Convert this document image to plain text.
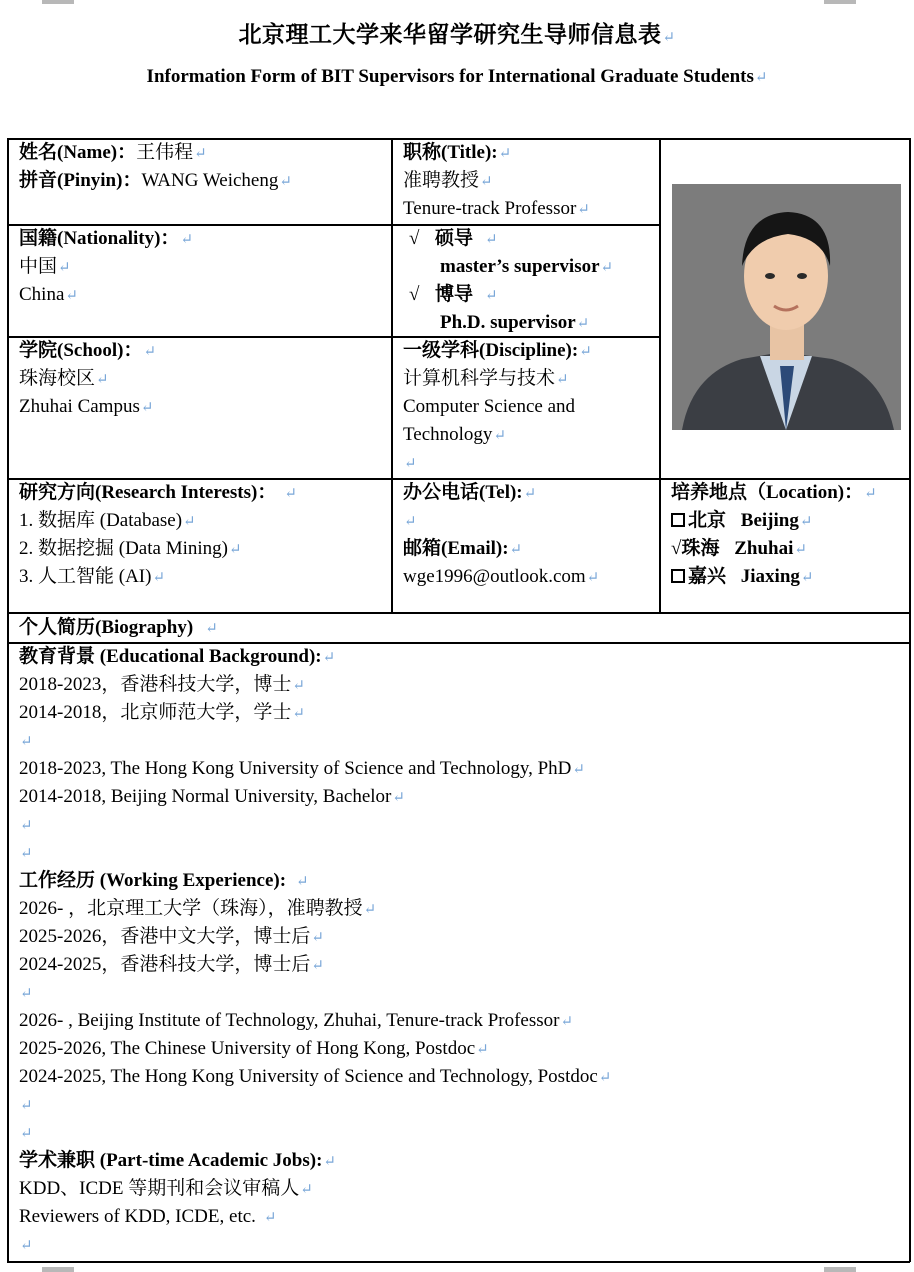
北京理工大学来华留学研究生导师信息表↵
Information Form of BIT Supervisors for International Graduate Students↵
姓名(Name)：王伟程↵
拼音(Pinyin)：WANG Weicheng↵
职称(Title):↵
准聘教授↵
Tenure-track Professor↵
国籍(Nationality)：↵
中国↵
China↵
√ 硕导 ↵
master’s supervisor↵
√ 博导 ↵
Ph.D. supervisor↵
学院(School)：↵
珠海校区↵
Zhuhai Campus↵
一级学科(Discipline):↵
计算机科学与技术↵
Computer Science and
Technology↵
↵
研究方向(Research Interests)： ↵
1. 数据库 (Database)↵
2. 数据挖掘 (Data Mining)↵
3. 人工智能 (AI)↵
办公电话(Tel):↵
↵
邮箱(Email):↵
wge1996@outlook.com↵
培养地点（Location)：↵
北京 Beijing↵
√珠海 Zhuhai↵
嘉兴 Jiaxing↵
个人简历(Biography) ↵
教育背景 (Educational Background):↵
2018-2023，香港科技大学，博士↵
2014-2018，北京师范大学，学士↵
↵
2018-2023, The Hong Kong University of Science and Technology, PhD↵
2014-2018, Beijing Normal University, Bachelor↵
↵
↵
工作经历 (Working Experience): ↵
2026- ，北京理工大学（珠海），准聘教授↵
2025-2026，香港中文大学，博士后↵
2024-2025，香港科技大学，博士后↵
↵
2026- , Beijing Institute of Technology, Zhuhai, Tenure-track Professor↵
2025-2026, The Chinese University of Hong Kong, Postdoc↵
2024-2025, The Hong Kong University of Science and Technology, Postdoc↵
↵
↵
学术兼职 (Part-time Academic Jobs):↵
KDD、ICDE 等期刊和会议审稿人↵
Reviewers of KDD, ICDE, etc. ↵
↵
